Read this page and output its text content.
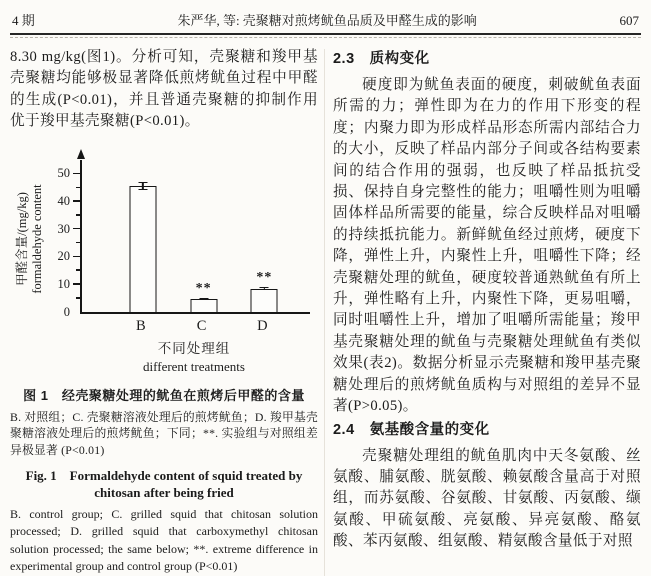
4 期	朱严华, 等: 壳聚糖对煎烤鱿鱼品质及甲醛生成的影响	607

8.30 mg/kg(图1)。分析可知，壳聚糖和羧甲基壳聚糖均能够极显著降低煎烤鱿鱼过程中甲醛的生成(P<0.01)，并且普通壳聚糖的抑制作用优于羧甲基壳聚糖(P<0.01)。

甲醛含量/(mg/kg) formaldehyde content
0
10
20
30
40
50
**
**
B	C	D
不同处理组
different treatments
图 1　经壳聚糖处理的鱿鱼在煎烤后甲醛的含量
B. 对照组；C. 壳聚糖溶液处理后的煎烤鱿鱼；D. 羧甲基壳聚糖溶液处理后的煎烤鱿鱼；下同；**. 实验组与对照组差异极显著 (P<0.01)
Fig. 1　Formaldehyde content of squid treated by chitosan after being fried
B. control group; C. grilled squid that chitosan solution processed; D. grilled squid that carboxymethyl chitosan solution processed; the same below; **. extreme difference in experimental group and control group (P<0.01)
2.3　质构变化

硬度即为鱿鱼表面的硬度，刺破鱿鱼表面所需的力；弹性即为在力的作用下形变的程度；内聚力即为形成样品形态所需内部结合力的大小，反映了样品内部分子间或各结构要素间的结合作用的强弱，也反映了样品抵抗受损、保持自身完整性的能力；咀嚼性则为咀嚼固体样品所需要的能量，综合反映样品对咀嚼的持续抵抗能力。新鲜鱿鱼经过煎烤，硬度下降，弹性上升，内聚性上升，咀嚼性下降；经壳聚糖处理的鱿鱼，硬度较普通熟鱿鱼有所上升，弹性略有上升，内聚性下降，更易咀嚼，同时咀嚼性上升，增加了咀嚼所需能量；羧甲基壳聚糖处理的鱿鱼与壳聚糖处理鱿鱼有类似效果(表2)。数据分析显示壳聚糖和羧甲基壳聚糖处理后的煎烤鱿鱼质构与对照组的差异不显著(P>0.05)。

2.4　氨基酸含量的变化

壳聚糖处理组的鱿鱼肌肉中天冬氨酸、丝氨酸、脯氨酸、胱氨酸、赖氨酸含量高于对照组，而苏氨酸、谷氨酸、甘氨酸、丙氨酸、缬氨酸、甲硫氨酸、亮氨酸、异亮氨酸、酪氨酸、苯丙氨酸、组氨酸、精氨酸含量低于对照
